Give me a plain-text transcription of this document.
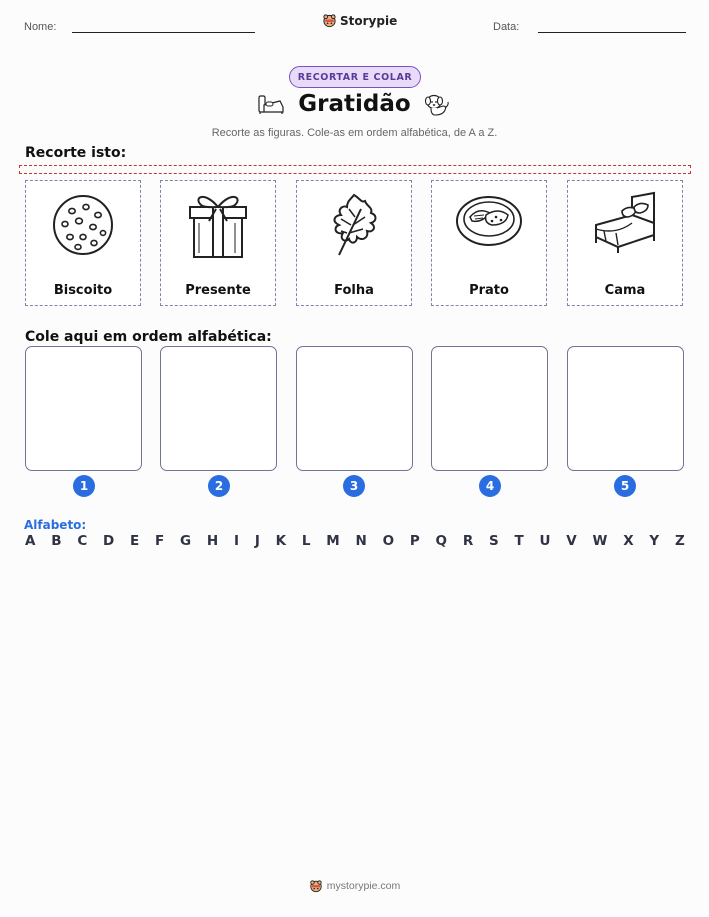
Nome:	Storypie	Data:
RECORTAR E COLAR
Gratidão
Recorte as figuras. Cole-as em ordem alfabética, de A a Z.
Recorte isto:
Biscoito	Presente	Folha	Prato	Cama
Cole aqui em ordem alfabética:
1	2	3	4	5
Alfabeto:
A B C D E F G H I J K L M N O P Q R S T U V W X Y Z
mystorypie.com
